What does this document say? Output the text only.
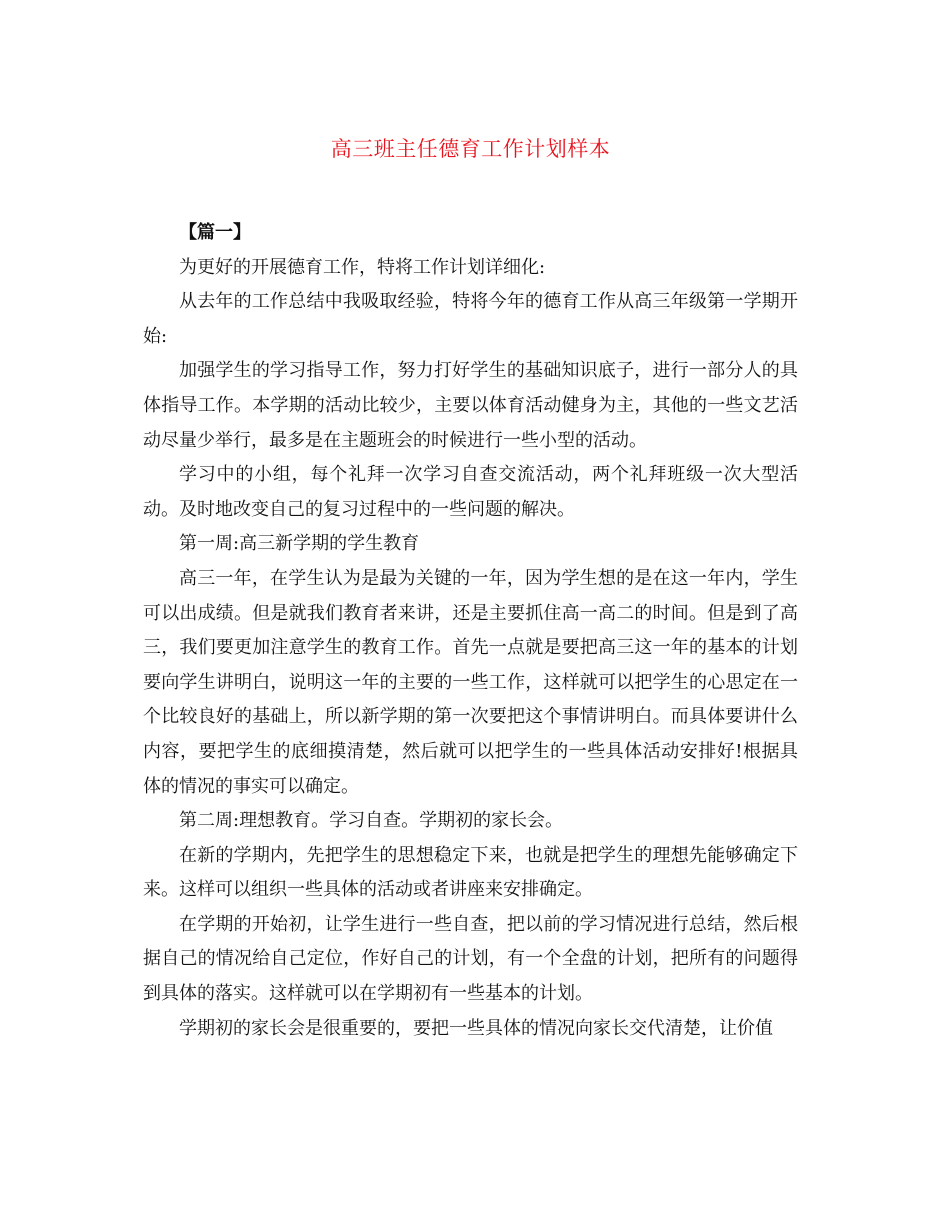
高三班主任德育工作计划样本

【篇一】

为更好的开展德育工作，特将工作计划详细化:

从去年的工作总结中我吸取经验，特将今年的德育工作从高三年级第一学期开始:

加强学生的学习指导工作，努力打好学生的基础知识底子，进行一部分人的具体指导工作。本学期的活动比较少，主要以体育活动健身为主，其他的一些文艺活动尽量少举行，最多是在主题班会的时候进行一些小型的活动。

学习中的小组，每个礼拜一次学习自查交流活动，两个礼拜班级一次大型活动。及时地改变自己的复习过程中的一些问题的解决。

第一周:高三新学期的学生教育

高三一年，在学生认为是最为关键的一年，因为学生想的是在这一年内，学生可以出成绩。但是就我们教育者来讲，还是主要抓住高一高二的时间。但是到了高三，我们要更加注意学生的教育工作。首先一点就是要把高三这一年的基本的计划要向学生讲明白，说明这一年的主要的一些工作，这样就可以把学生的心思定在一个比较良好的基础上，所以新学期的第一次要把这个事情讲明白。而具体要讲什么内容，要把学生的底细摸清楚，然后就可以把学生的一些具体活动安排好!根据具体的情况的事实可以确定。

第二周:理想教育。学习自查。学期初的家长会。

在新的学期内，先把学生的思想稳定下来，也就是把学生的理想先能够确定下来。这样可以组织一些具体的活动或者讲座来安排确定。

在学期的开始初，让学生进行一些自查，把以前的学习情况进行总结，然后根据自己的情况给自己定位，作好自己的计划，有一个全盘的计划，把所有的问题得到具体的落实。这样就可以在学期初有一些基本的计划。

学期初的家长会是很重要的，要把一些具体的情况向家长交代清楚，让价值
